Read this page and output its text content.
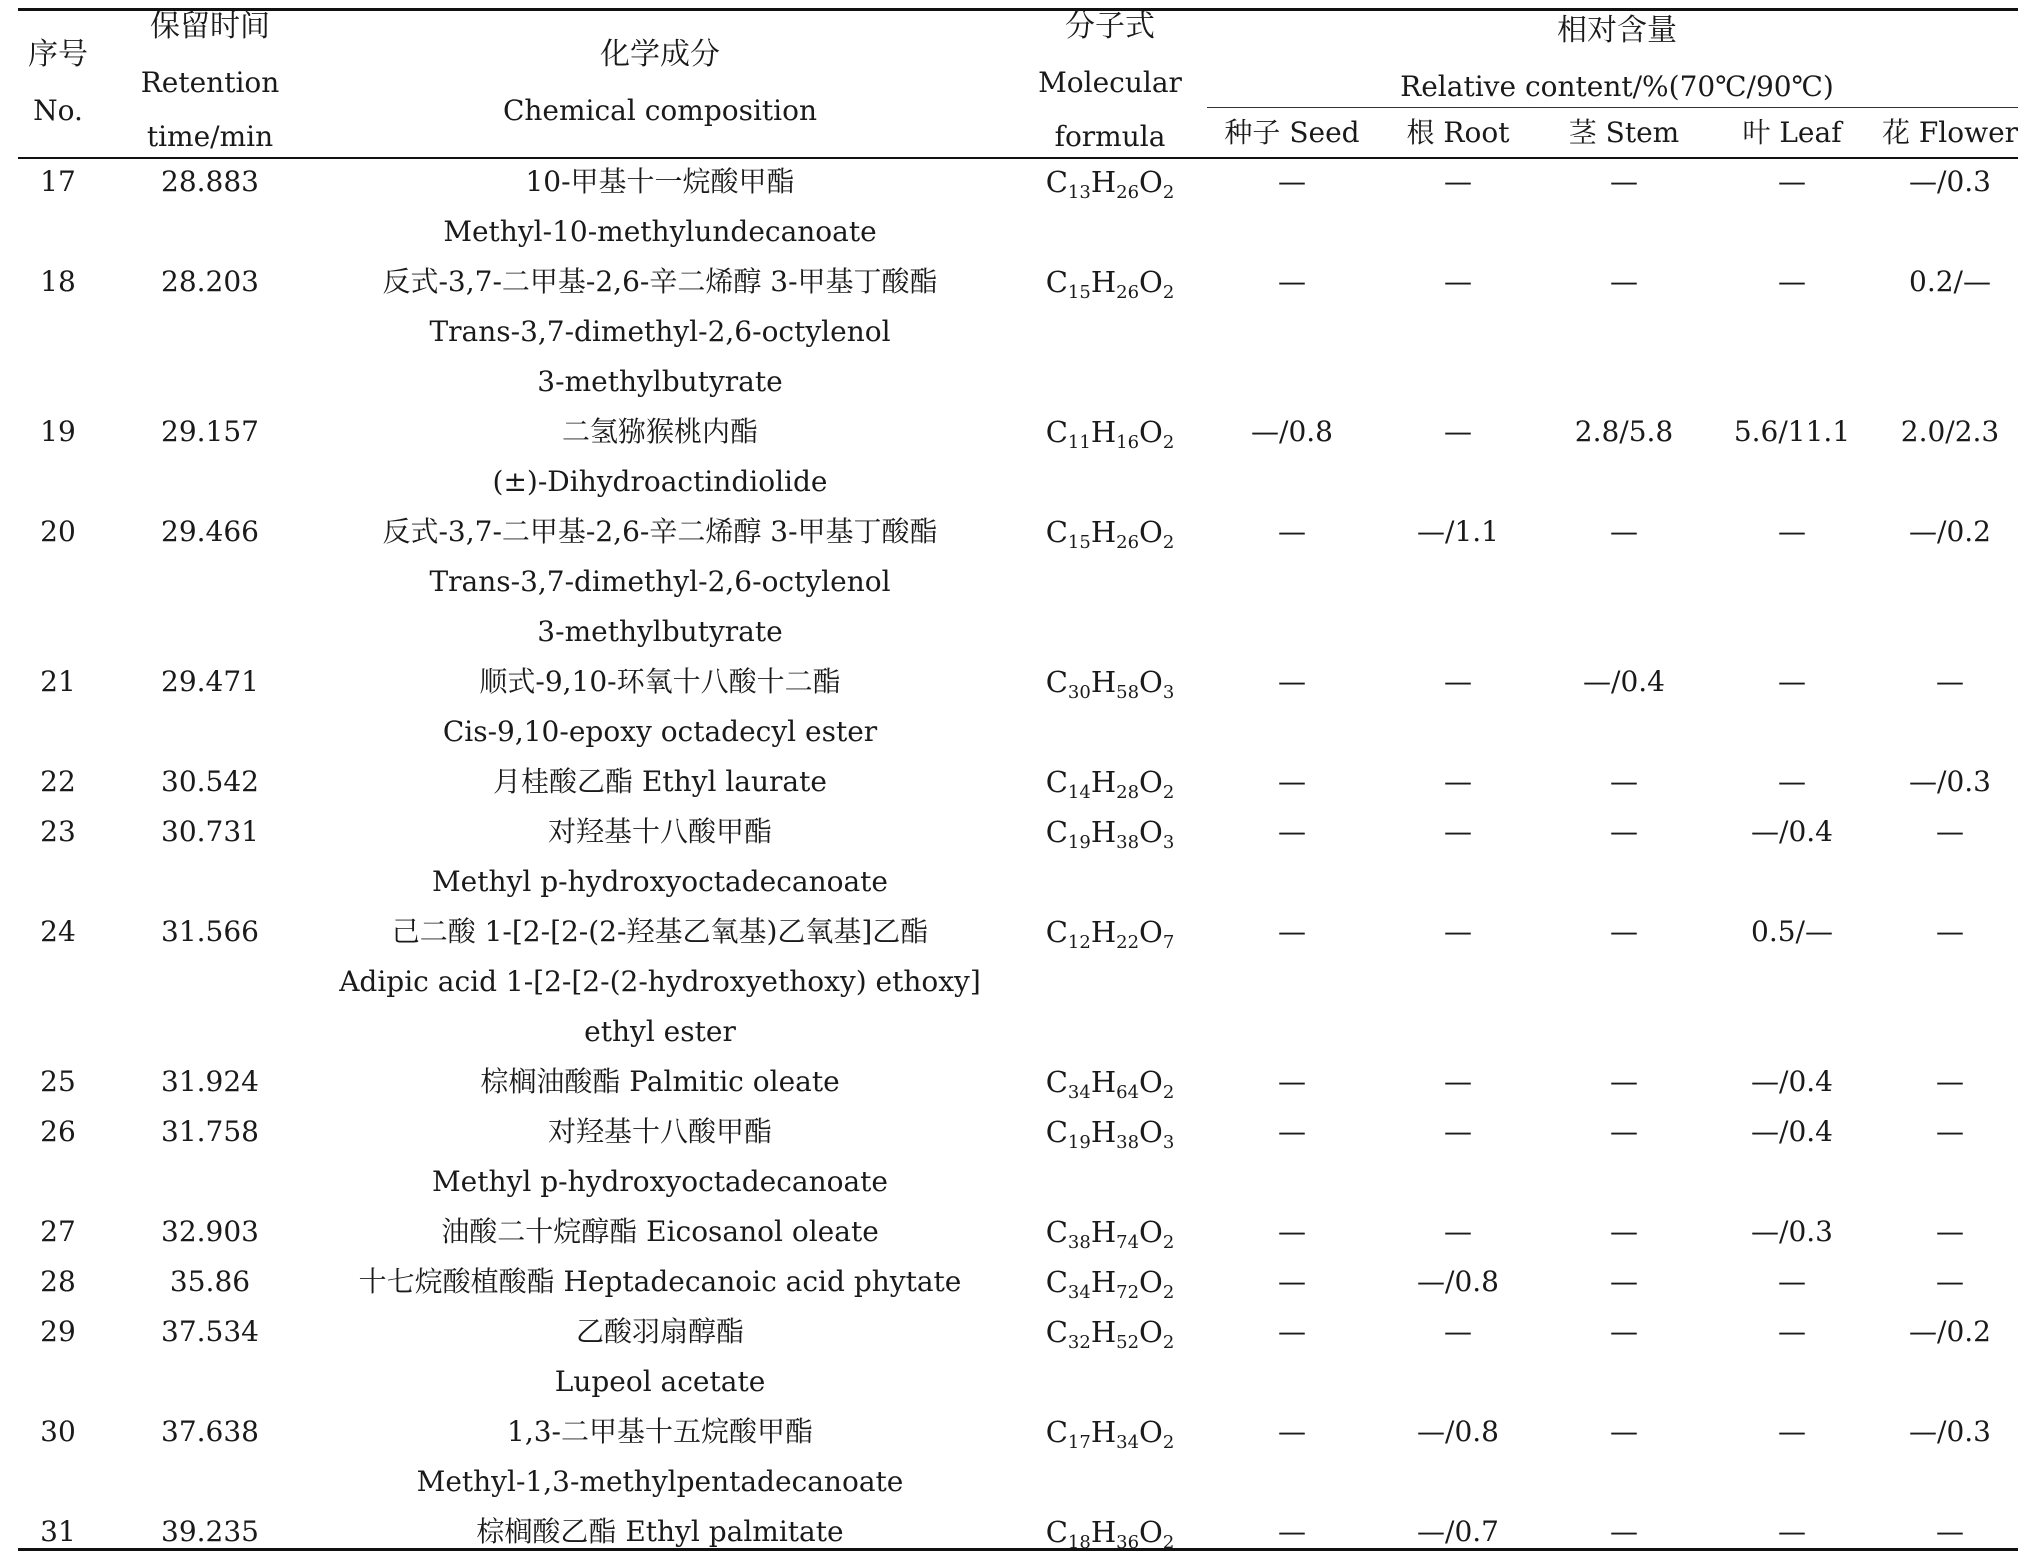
序号
No.
保留时间
Retention
time/min
化学成分
Chemical composition
分子式
Molecular
formula
相对含量
Relative content/%(70℃/90℃)
种子 Seed 根 Root 茎 Stem 叶 Leaf 花 Flower
17	28.883	10-甲基十一烷酸甲酯
Methyl-10-methylundecanoate
$C_{13}H_{26}O_2$	—	—	—	—	—/0.3
18	28.203	反式-3,7-二甲基-2,6-辛二烯醇 3-甲基丁酸酯
Trans-3,7-dimethyl-2,6-octylenol
3-methylbutyrate
$C_{15}H_{26}O_2$	—	—	—	—	0.2/—
19	29.157	二氢猕猴桃内酯
(±)-Dihydroactindiolide
$C_{11}H_{16}O_2$	—/0.8	—	2.8/5.8 5.6/11.1 2.0/2.3
20	29.466	反式-3,7-二甲基-2,6-辛二烯醇 3-甲基丁酸酯
Trans-3,7-dimethyl-2,6-octylenol
3-methylbutyrate
$C_{15}H_{26}O_2$	—	—/1.1	—	—	—/0.2
21	29.471	顺式-9,10-环氧十八酸十二酯
Cis-9,10-epoxy octadecyl ester
$C_{30}H_{58}O_3$	—	—	—/0.4	—	—
22	30.542	月桂酸乙酯 Ethyl laurate	$C_{14}H_{28}O_2$	—	—	—	—	—/0.3
23	30.731	对羟基十八酸甲酯
Methyl p-hydroxyoctadecanoate
$C_{19}H_{38}O_3$	—	—	—	—/0.4	—
24	31.566	己二酸 1-[2-[2-(2-羟基乙氧基)乙氧基]乙酯
Adipic acid 1-[2-[2-(2-hydroxyethoxy) ethoxy]
ethyl ester
$C_{12}H_{22}O_7$	—	—	—	0.5/—	—
25	31.924	棕榈油酸酯 Palmitic oleate	$C_{34}H_{64}O_2$	—	—	—	—/0.4	—
26	31.758	对羟基十八酸甲酯
Methyl p-hydroxyoctadecanoate
$C_{19}H_{38}O_3$	—	—	—	—/0.4	—
27	32.903	油酸二十烷醇酯 Eicosanol oleate	$C_{38}H_{74}O_2$	—	—	—	—/0.3	—
28	35.86	十七烷酸植酸酯 Heptadecanoic acid phytate	$C_{34}H_{72}O_2$	—	—/0.8	—	—	—
29	37.534	乙酸羽扇醇酯
Lupeol acetate
$C_{32}H_{52}O_2$	—	—	—	—	—/0.2
30	37.638	1,3-二甲基十五烷酸甲酯
Methyl-1,3-methylpentadecanoate
$C_{17}H_{34}O_2$	—	—/0.8	—	—	—/0.3
31	39.235	棕榈酸乙酯 Ethyl palmitate	$C_{18}H_{36}O_2$	—	—/0.7	—	—	—
